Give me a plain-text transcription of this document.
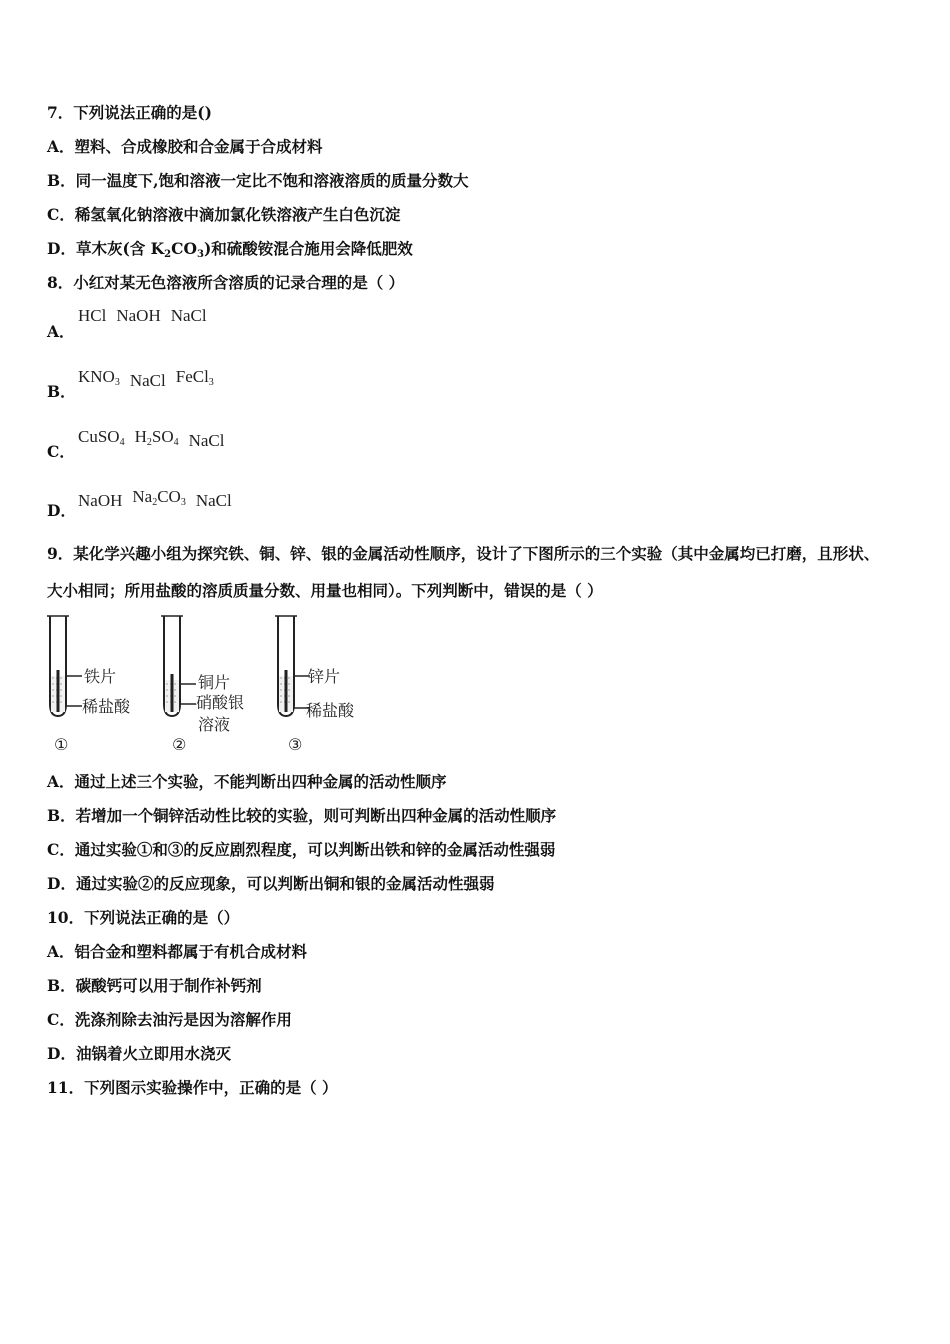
7．下列说法正确的是()
A．塑料、合成橡胶和合金属于合成材料
B．同一温度下,饱和溶液一定比不饱和溶液溶质的质量分数大
C．稀氢氧化钠溶液中滴加氯化铁溶液产生白色沉淀
D．草木灰(含 K2CO3)和硫酸铵混合施用会降低肥效
8．小红对某无色溶液所含溶质的记录合理的是（ ）
A．
HCl NaOH NaCl
B．
$KNO_3$ NaCl FeCl$_3$
C．
CuSO$_4$ $H_2SO_4$ NaCl
D．
NaOH $Na_2CO_3$ NaCl
9．某化学兴趣小组为探究铁、铜、锌、银的金属活动性顺序，设计了下图所示的三个实验（其中金属均已打磨，且形状、
大小相同；所用盐酸的溶质质量分数、用量也相同）。下列判断中，错误的是（ ）
铁片
稀盐酸
①
铜片
硝酸银
溶液
②
锌片
稀盐酸
③
A．通过上述三个实验，不能判断出四种金属的活动性顺序
B．若增加一个铜锌活动性比较的实验，则可判断出四种金属的活动性顺序
C．通过实验①和③的反应剧烈程度，可以判断出铁和锌的金属活动性强弱
D．通过实验②的反应现象，可以判断出铜和银的金属活动性强弱
10．下列说法正确的是（）
A．铝合金和塑料都属于有机合成材料
B．碳酸钙可以用于制作补钙剂
C．洗涤剂除去油污是因为溶解作用
D．油锅着火立即用水浇灭
11．下列图示实验操作中，正确的是（ ）
